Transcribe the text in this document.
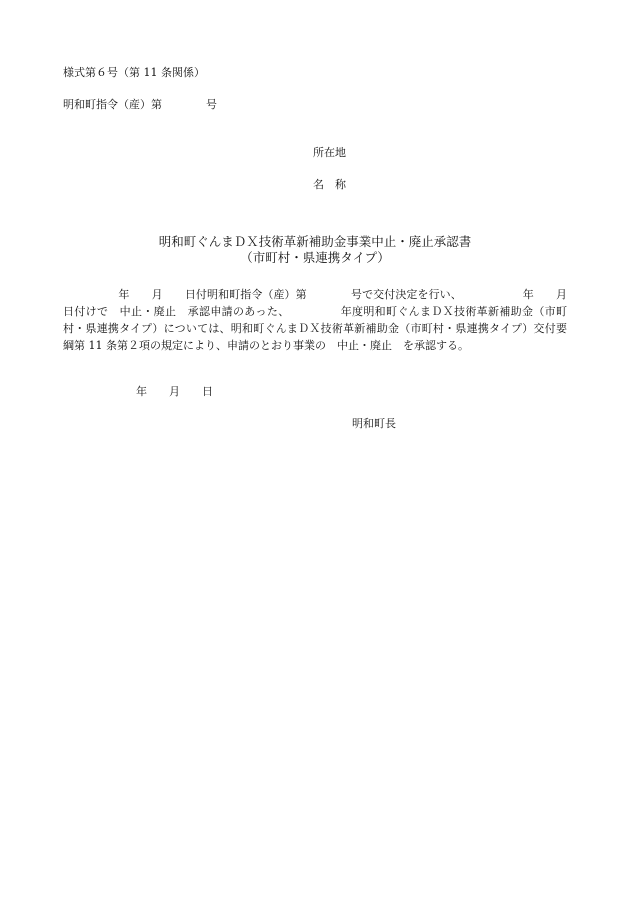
様式第６号（第 11 条関係）
明和町指令（産）第　　　　号
所在地
名　称
明和町ぐんまＤＸ技術革新補助金事業中止・廃止承認書
（市町村・県連携タイプ）
　　　　　年　　月　　日付明和町指令（産）第　　　　号で交付決定を行い、　　　　　　年　　月　　日付けで　中止・廃止　承認申請のあった、　　　　　年度明和町ぐんまＤＸ技術革新補助金（市町村・県連携タイプ）については、明和町ぐんまＤＸ技術革新補助金（市町村・県連携タイプ）交付要綱第 11 条第２項の規定により、申請のとおり事業の　中止・廃止　を承認する。
年　　月　　日
明和町長
